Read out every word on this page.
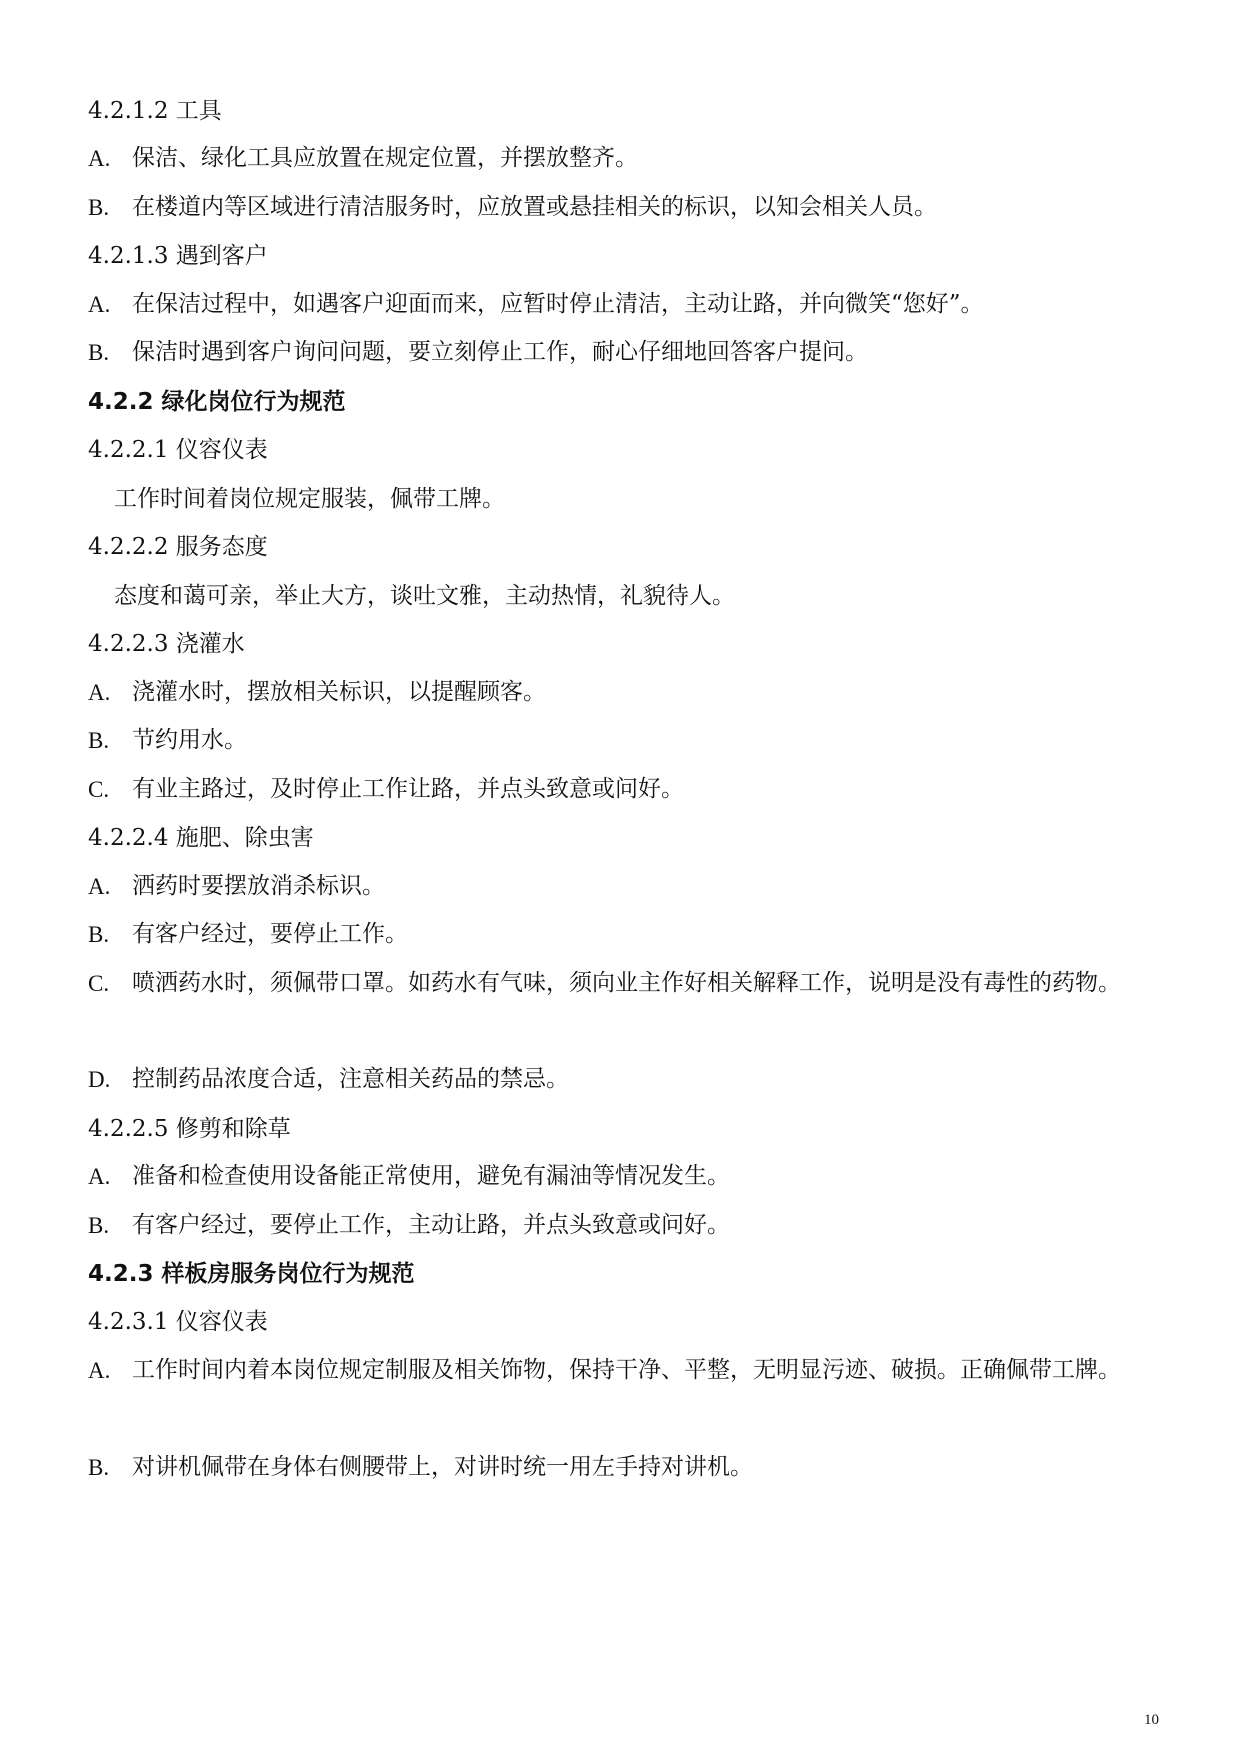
4.2.1.2 工具
A. 保洁、绿化工具应放置在规定位置，并摆放整齐。
B. 在楼道内等区域进行清洁服务时，应放置或悬挂相关的标识，以知会相关人员。
4.2.1.3 遇到客户
A. 在保洁过程中，如遇客户迎面而来，应暂时停止清洁，主动让路，并向微笑“您好”。
B. 保洁时遇到客户询问问题，要立刻停止工作，耐心仔细地回答客户提问。
4.2.2 绿化岗位行为规范
4.2.2.1 仪容仪表
工作时间着岗位规定服装，佩带工牌。
4.2.2.2 服务态度
态度和蔼可亲，举止大方，谈吐文雅，主动热情，礼貌待人。
4.2.2.3 浇灌水
A. 浇灌水时，摆放相关标识，以提醒顾客。
B. 节约用水。
C. 有业主路过，及时停止工作让路，并点头致意或问好。
4.2.2.4 施肥、除虫害
A. 洒药时要摆放消杀标识。
B. 有客户经过，要停止工作。
C. 喷洒药水时，须佩带口罩。如药水有气味，须向业主作好相关解释工作，说明是没有毒性的药物。
D. 控制药品浓度合适，注意相关药品的禁忌。
4.2.2.5 修剪和除草
A. 准备和检查使用设备能正常使用，避免有漏油等情况发生。
B. 有客户经过，要停止工作，主动让路，并点头致意或问好。
4.2.3 样板房服务岗位行为规范
4.2.3.1 仪容仪表
A. 工作时间内着本岗位规定制服及相关饰物，保持干净、平整，无明显污迹、破损。正确佩带工牌。
B. 对讲机佩带在身体右侧腰带上，对讲时统一用左手持对讲机。
10
